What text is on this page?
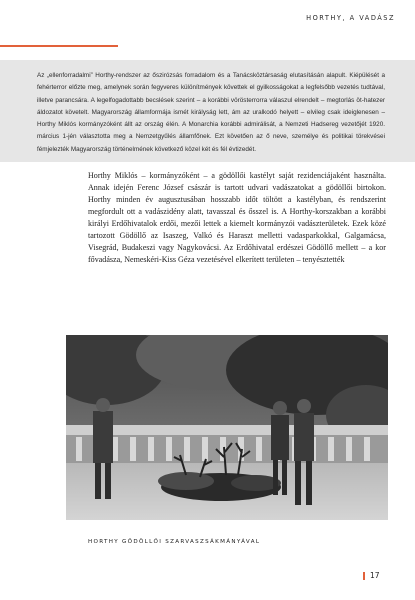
HORTHY, A VADÁSZ

Az „ellenforradalmi” Horthy-rendszer az őszirózsás forradalom és a Tanácsköztársaság elutasításán alapult. Kiépülését a fehérterror előzte meg, amelynek során fegyveres különítmények követtek el gyilkosságokat a legfelsőbb vezetés tudtával, illetve parancsára. A legelfogadottabb becslések szerint – a korábbi vörösterrorra válaszul elrendelt – megtorlás öt-hatezer áldozatot követelt. Magyarország államformája ismét királyság lett, ám az uralkodó helyett – elvileg csak ideiglenesen – Horthy Miklós kormányzóként állt az ország élén. A Monarchia korábbi admirálisát, a Nemzeti Hadsereg vezetőjét 1920. március 1-jén választotta meg a Nemzetgyűlés államfőnek. Ezt követően az ő neve, személye és politikai törekvései fémjelezték Magyarország történelmének következő közel két és fél évtizedét.

Horthy Miklós – kormányzóként – a gödöllői kastélyt saját rezidenciájaként használta. Annak idején Ferenc József császár is tartott udvari vadászatokat a gödöllői birtokon. Horthy minden év augusztusában hosszabb időt töltött a kastélyban, és rendszerint megfordult ott a vadászidény alatt, tavasszal és ősszel is. A Horthy-korszakban a korábbi királyi Erdőhivatalok erdői, mezői lettek a kiemelt kormányzói vadászterületek. Ezek közé tartozott Gödöllő az Isaszeg, Valkó és Haraszt melletti vadasparkokkal, Galgamácsa, Visegrád, Budakeszi vagy Nagykovácsi. Az Erdőhivatal erdészei Gödöllő mellett – a kor fővadásza, Nemeskéri-Kiss Géza vezetésével elkerített területen – tenyésztették

HORTHY GÖDÖLLŐI SZARVASZSÁKMÁNYÁVAL
17
